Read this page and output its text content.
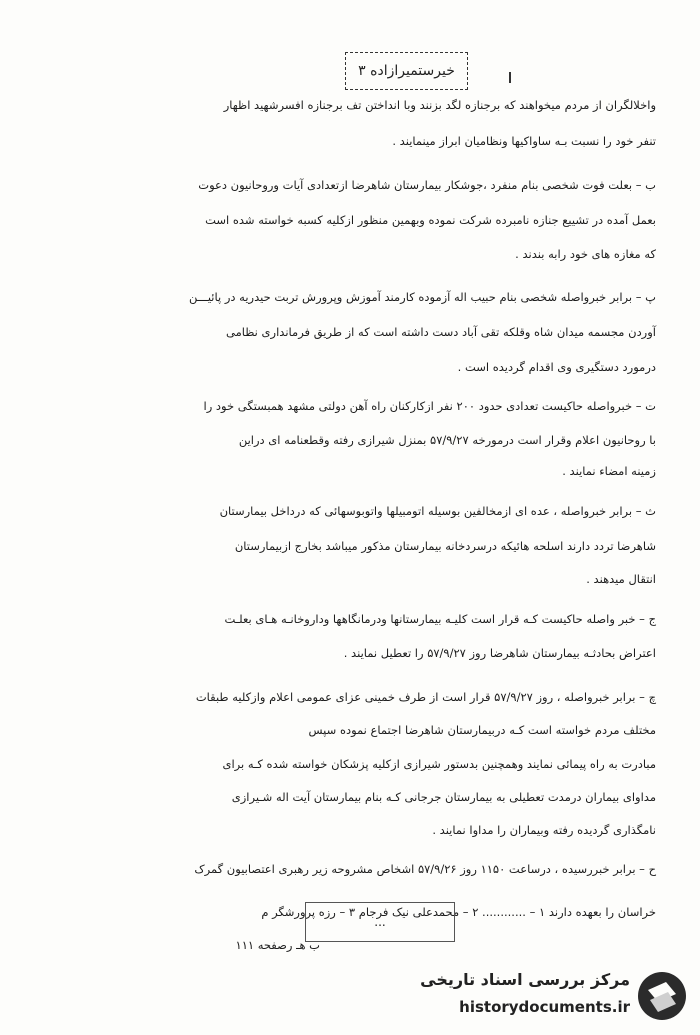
خیرستمیرازاده ۳
واخلالگران از مردم میخواهند که برجنازه لگد بزنند وبا انداختن تف برجنازه افسرشهید اظهار
تنفر خود را نسبت بـه ساواکیها ونظامیان ابراز مینمایند .
ب – بعلت فوت شخصی بنام منفرد ،جوشکار بیمارستان شاهرضا ازتعدادی آیات وروحانیون دعوت
بعمل آمده در تشییع جنازه نامبرده شرکت نموده وبهمین منظور ازکلیه کسبه خواسته شده است
که مغازه های خود رابه بندند .
پ – برابر خبرواصله شخصی بنام حبیب اله آزموده کارمند آموزش وپرورش تربت حیدریه در پائیـــن
آوردن مجسمه میدان شاه وقلکه تقی آباد دست داشته است که از طریق فرمانداری نظامی
درمورد دستگیری وی اقدام گردیده است .
ت – خبرواصله حاکیست تعدادی حدود ۲۰۰ نفر ازکارکنان راه آهن دولتی مشهد همبستگی خود را
با روحانیون اعلام وقرار است درمورخه ۵۷/۹/۲۷ بمنزل شیرازی رفته وقطعنامه ای دراین
زمینه امضاء نمایند .
ث – برابر خبرواصله ، عده ای ازمخالفین بوسیله اتومبیلها واتوبوسهائی که درداخل بیمارستان
شاهرضا تردد دارند اسلحه هائیکه درسردخانه بیمارستان مذکور میباشد بخارج ازبیمارستان
انتقال میدهند .
ج – خبر واصله حاکیست کـه قرار است کلیـه بیمارستانها ودرمانگاهها وداروخانـه هـای بعلـت
اعتراض بحادثـه بیمارستان شاهرضا روز ۵۷/۹/۲۷ را تعطیل نمایند .
چ – برابر خبرواصله ، روز ۵۷/۹/۲۷ قرار است از طرف خمینی عزای عمومی اعلام وازکلیه طبقات
مختلف مردم خواسته است کـه دربیمارستان شاهرضا اجتماع نموده سپس
مبادرت به راه پیمائی نمایند وهمچنین بدستور شیرازی ازکلیه پزشکان خواسته شده کـه برای
مداوای بیماران درمدت تعطیلی به بیمارستان جرجانی کـه بنام بیمارستان آیت اله شـیرازی
نامگذاری گردیده رفته وبیماران را مداوا نمایند .
ح – برابر خبررسیده ، درساعت ۱۱۵۰ روز ۵۷/۹/۲۶ اشخاص مشروحه زیر رهبری اعتصابیون گمرک
خراسان را بعهده دارند ۱ – ............ ۲ – محمدعلی نیک فرجام ۳ – رزه پرورشگر م
ب هـ رصفحه ۱۱۱
...
مرکز بررسی اسناد تاریخی
historydocuments.ir
